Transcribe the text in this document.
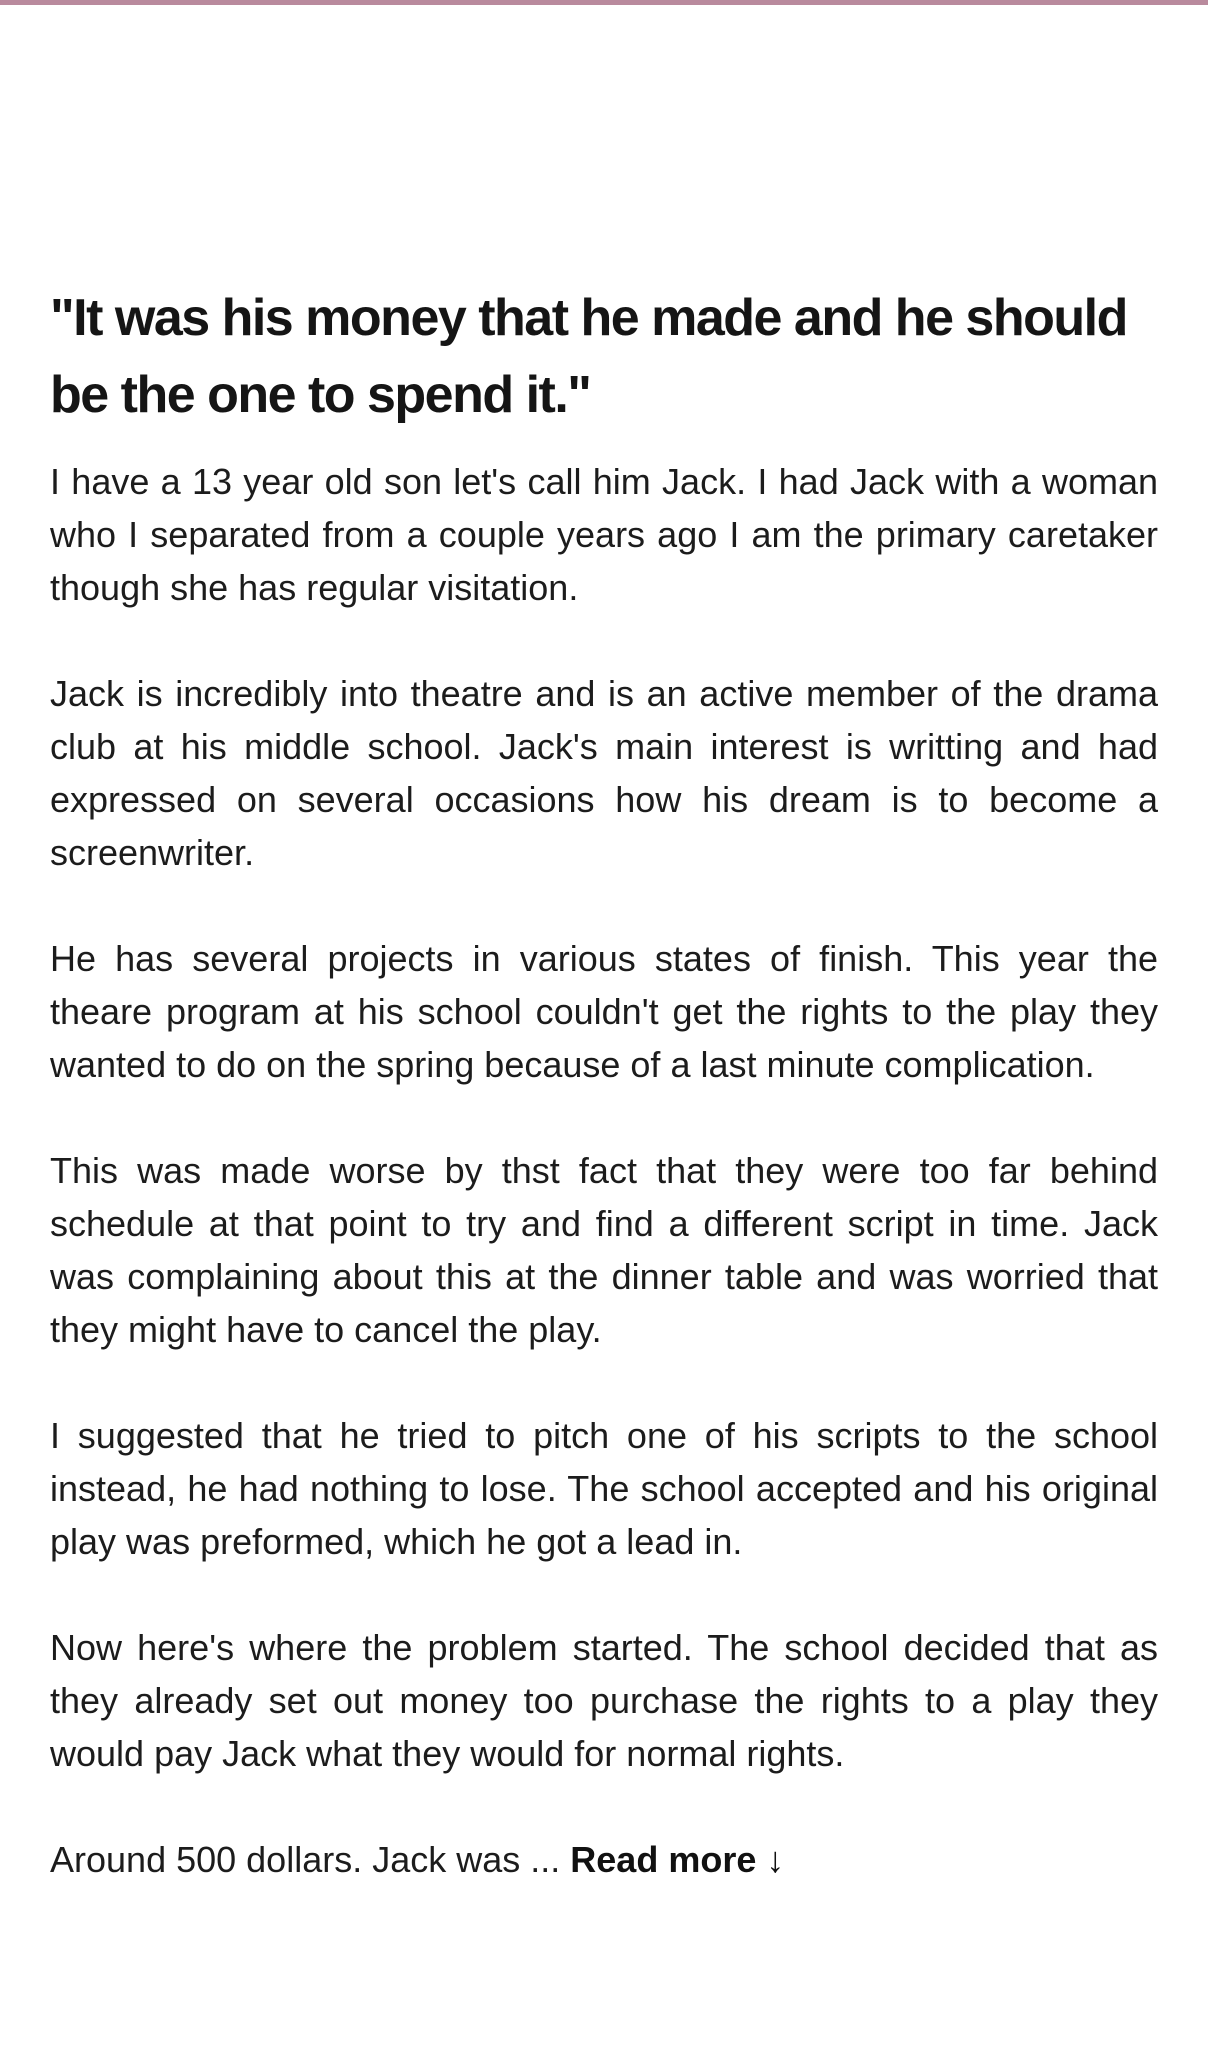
"It was his money that he made and he should be the one to spend it."

I have a 13 year old son let's call him Jack. I had Jack with a woman who I separated from a couple years ago I am the primary caretaker though she has regular visitation.

Jack is incredibly into theatre and is an active member of the drama club at his middle school. Jack's main interest is writting and had expressed on several occasions how his dream is to become a screenwriter.

He has several projects in various states of finish. This year the theare program at his school couldn't get the rights to the play they wanted to do on the spring because of a last minute complication.

This was made worse by thst fact that they were too far behind schedule at that point to try and find a different script in time. Jack was complaining about this at the dinner table and was worried that they might have to cancel the play.

I suggested that he tried to pitch one of his scripts to the school instead, he had nothing to lose. The school accepted and his original play was preformed, which he got a lead in.

Now here's where the problem started. The school decided that as they already set out money too purchase the rights to a play they would pay Jack what they would for normal rights.

Around 500 dollars. Jack was ... Read more ↓
